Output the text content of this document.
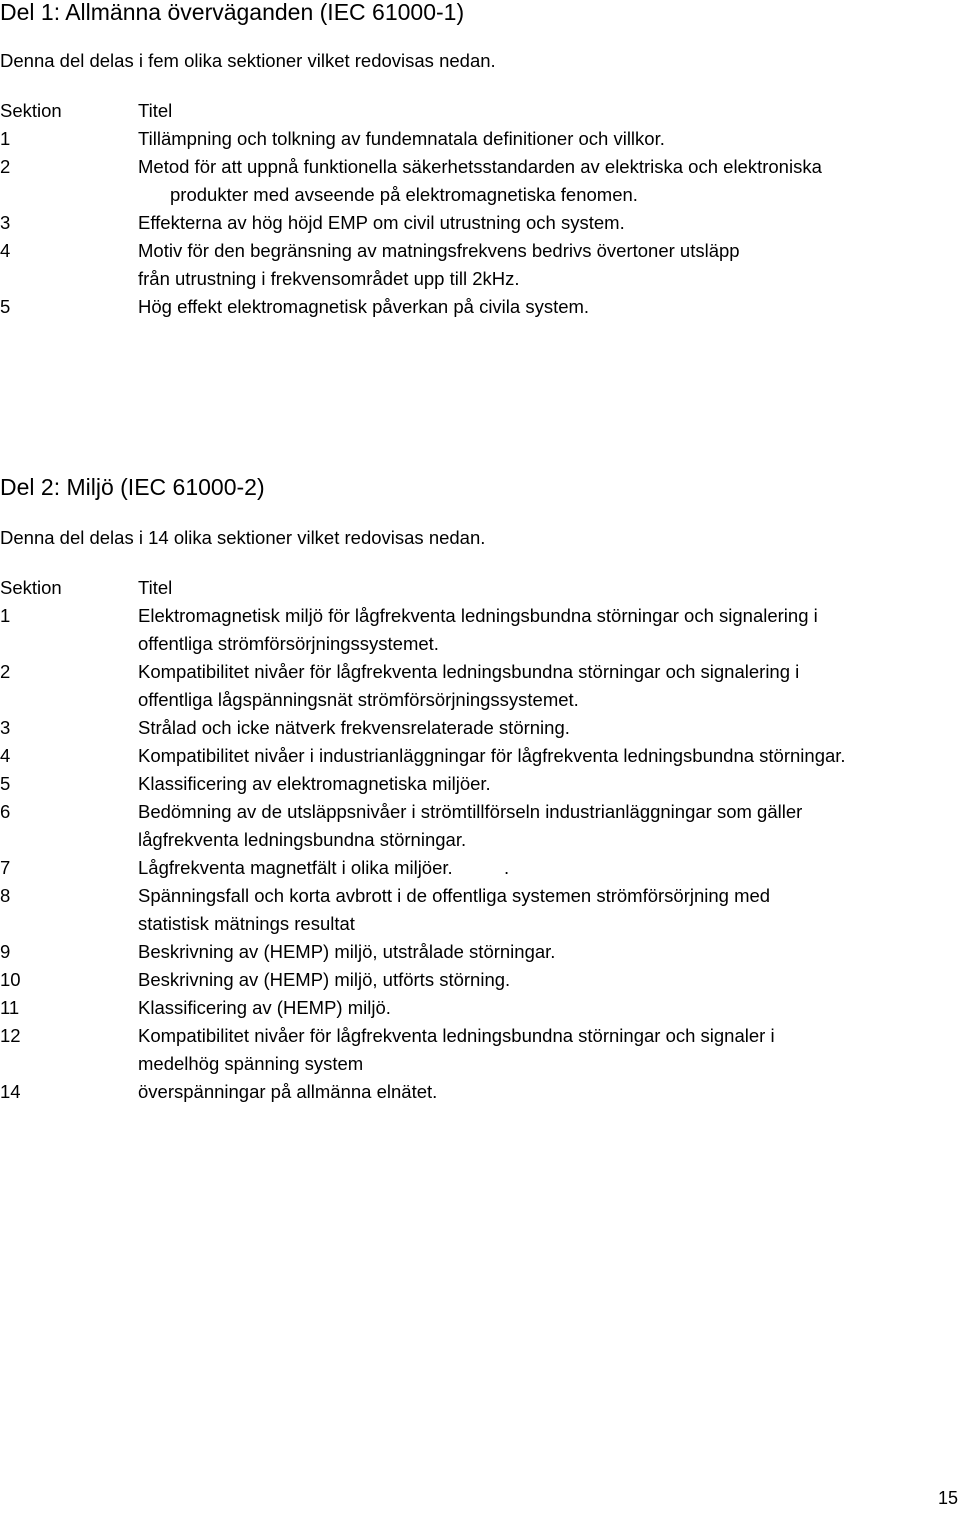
Del 1: Allmänna överväganden (IEC 61000-1)

Denna del delas i fem olika sektioner vilket redovisas nedan.

Sektion	Titel
1	Tillämpning och tolkning av fundemnatala definitioner och villkor.
2	Metod för att uppnå funktionella säkerhetsstandarden av elektriska och elektroniska
produkter med avseende på elektromagnetiska fenomen.
3	Effekterna av hög höjd EMP om civil utrustning och system.
4	Motiv för den begränsning av matningsfrekvens bedrivs övertoner utsläpp
från utrustning i frekvensområdet upp till 2kHz.
5	Hög effekt elektromagnetisk påverkan på civila system.
Del 2: Miljö (IEC 61000-2)

Denna del delas i 14 olika sektioner vilket redovisas nedan.

Sektion	Titel
1	Elektromagnetisk miljö för lågfrekventa ledningsbundna störningar och signalering i
offentliga strömförsörjningssystemet.
2	Kompatibilitet nivåer för lågfrekventa ledningsbundna störningar och signalering i
offentliga lågspänningsnät strömförsörjningssystemet.
3	Strålad och icke nätverk frekvensrelaterade störning.
4	Kompatibilitet nivåer i industrianläggningar för lågfrekventa ledningsbundna störningar.
5	Klassificering av elektromagnetiska miljöer.
6	Bedömning av de utsläppsnivåer i strömtillförseln industrianläggningar som gäller
lågfrekventa ledningsbundna störningar.
7	Lågfrekventa magnetfält i olika miljöer.          .
8	Spänningsfall och korta avbrott i de offentliga systemen strömförsörjning med
statistisk mätnings resultat
9	Beskrivning av (HEMP) miljö, utstrålade störningar.
10	Beskrivning av (HEMP) miljö, utförts störning.
11	Klassificering av (HEMP) miljö.
12	Kompatibilitet nivåer för lågfrekventa ledningsbundna störningar och signaler i
medelhög spänning system
14	överspänningar på allmänna elnätet.
15
